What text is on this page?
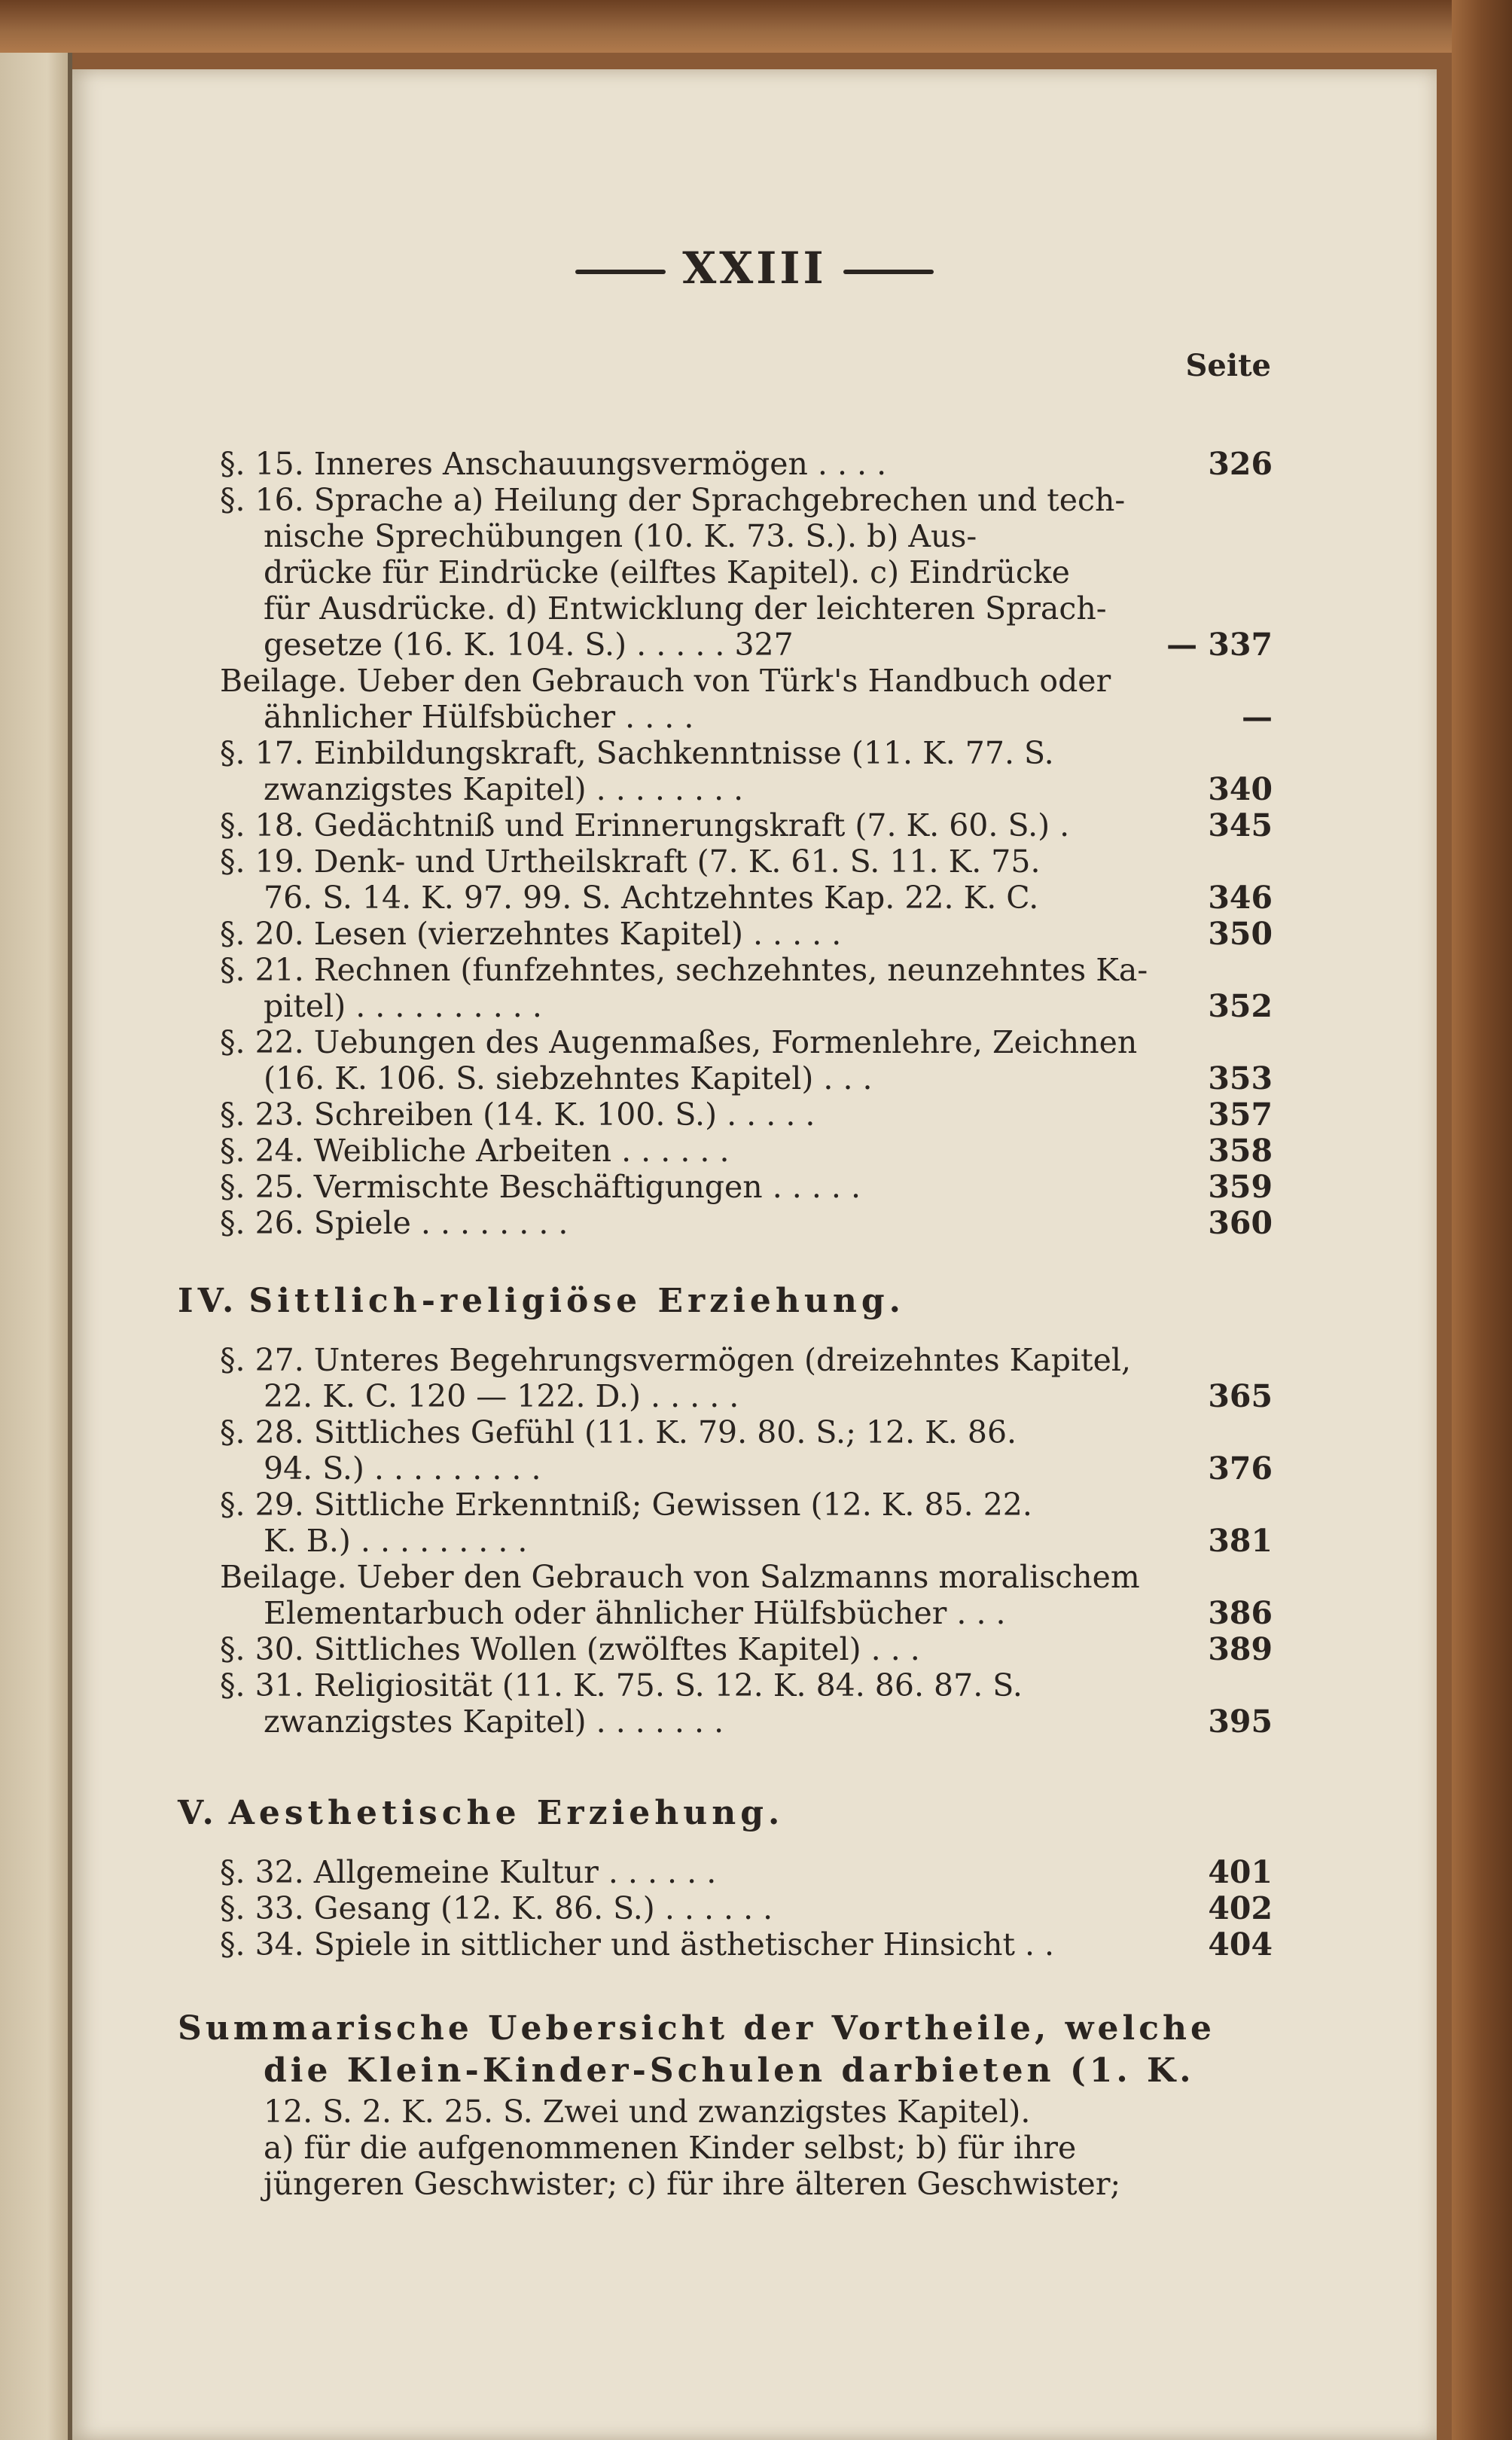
XXIII
Seite
§. 15. Inneres Anschauungsvermögen . . . .	326
§. 16. Sprache a) Heilung der Sprachgebrechen und tech-
nische Sprechübungen (10. K. 73. S.). b) Aus-
drücke für Eindrücke (eilftes Kapitel). c) Eindrücke
für Ausdrücke. d) Entwicklung der leichteren Sprach-
gesetze (16. K. 104. S.) . . . . . 327	— 337
Beilage. Ueber den Gebrauch von Türk's Handbuch oder
ähnlicher Hülfsbücher . . . .	—
§. 17. Einbildungskraft, Sachkenntnisse (11. K. 77. S.
zwanzigstes Kapitel) . . . . . . . .	340
§. 18. Gedächtniß und Erinnerungskraft (7. K. 60. S.) .	345
§. 19. Denk- und Urtheilskraft (7. K. 61. S. 11. K. 75.
76. S. 14. K. 97. 99. S. Achtzehntes Kap. 22. K. C.	346
§. 20. Lesen (vierzehntes Kapitel) . . . . .	350
§. 21. Rechnen (funfzehntes, sechzehntes, neunzehntes Ka-
pitel) . . . . . . . . . .	352
§. 22. Uebungen des Augenmaßes, Formenlehre, Zeichnen
(16. K. 106. S. siebzehntes Kapitel) . . .	353
§. 23. Schreiben (14. K. 100. S.) . . . . .	357
§. 24. Weibliche Arbeiten . . . . . .	358
§. 25. Vermischte Beschäftigungen . . . . .	359
§. 26. Spiele . . . . . . . .	360
IV. Sittlich-religiöse Erziehung.
§. 27. Unteres Begehrungsvermögen (dreizehntes Kapitel,
22. K. C. 120 — 122. D.) . . . . .	365
§. 28. Sittliches Gefühl (11. K. 79. 80. S.; 12. K. 86.
94. S.) . . . . . . . . .	376
§. 29. Sittliche Erkenntniß; Gewissen (12. K. 85. 22.
K. B.) . . . . . . . . .	381
Beilage. Ueber den Gebrauch von Salzmanns moralischem
Elementarbuch oder ähnlicher Hülfsbücher . . .	386
§. 30. Sittliches Wollen (zwölftes Kapitel) . . .	389
§. 31. Religiosität (11. K. 75. S. 12. K. 84. 86. 87. S.
zwanzigstes Kapitel) . . . . . . .	395
V. Aesthetische Erziehung.
§. 32. Allgemeine Kultur . . . . . .	401
§. 33. Gesang (12. K. 86. S.) . . . . . .	402
§. 34. Spiele in sittlicher und ästhetischer Hinsicht . .	404
Summarische Uebersicht der Vortheile, welche
die Klein-Kinder-Schulen darbieten (1. K.
12. S. 2. K. 25. S. Zwei und zwanzigstes Kapitel).
a) für die aufgenommenen Kinder selbst; b) für ihre
jüngeren Geschwister; c) für ihre älteren Geschwister;
